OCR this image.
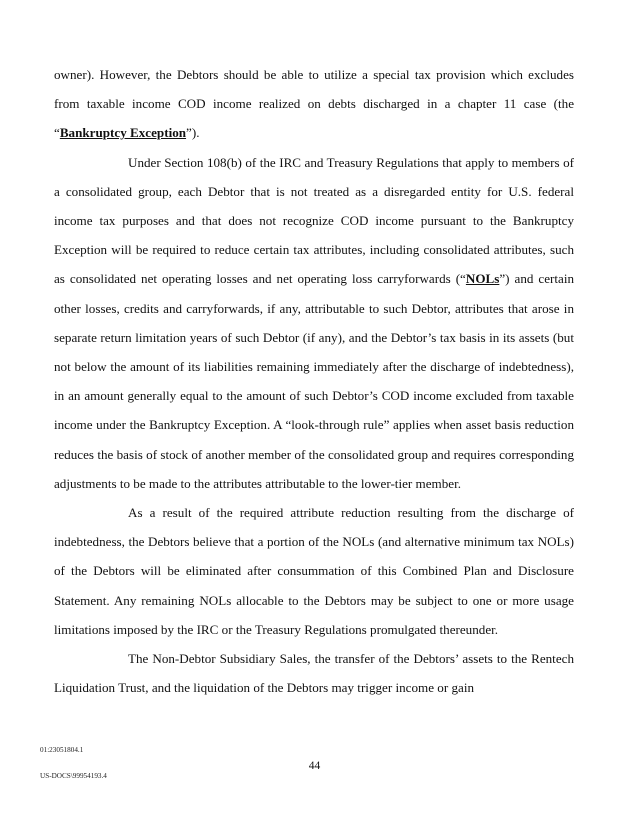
owner). However, the Debtors should be able to utilize a special tax provision which excludes from taxable income COD income realized on debts discharged in a chapter 11 case (the “Bankruptcy Exception”).

Under Section 108(b) of the IRC and Treasury Regulations that apply to members of a consolidated group, each Debtor that is not treated as a disregarded entity for U.S. federal income tax purposes and that does not recognize COD income pursuant to the Bankruptcy Exception will be required to reduce certain tax attributes, including consolidated attributes, such as consolidated net operating losses and net operating loss carryforwards (“NOLs”) and certain other losses, credits and carryforwards, if any, attributable to such Debtor, attributes that arose in separate return limitation years of such Debtor (if any), and the Debtor’s tax basis in its assets (but not below the amount of its liabilities remaining immediately after the discharge of indebtedness), in an amount generally equal to the amount of such Debtor’s COD income excluded from taxable income under the Bankruptcy Exception. A “look-through rule” applies when asset basis reduction reduces the basis of stock of another member of the consolidated group and requires corresponding adjustments to be made to the attributes attributable to the lower-tier member.

As a result of the required attribute reduction resulting from the discharge of indebtedness, the Debtors believe that a portion of the NOLs (and alternative minimum tax NOLs) of the Debtors will be eliminated after consummation of this Combined Plan and Disclosure Statement. Any remaining NOLs allocable to the Debtors may be subject to one or more usage limitations imposed by the IRC or the Treasury Regulations promulgated thereunder.

The Non-Debtor Subsidiary Sales, the transfer of the Debtors’ assets to the Rentech Liquidation Trust, and the liquidation of the Debtors may trigger income or gain

01:23051804.1
44
US-DOCS\99954193.4
